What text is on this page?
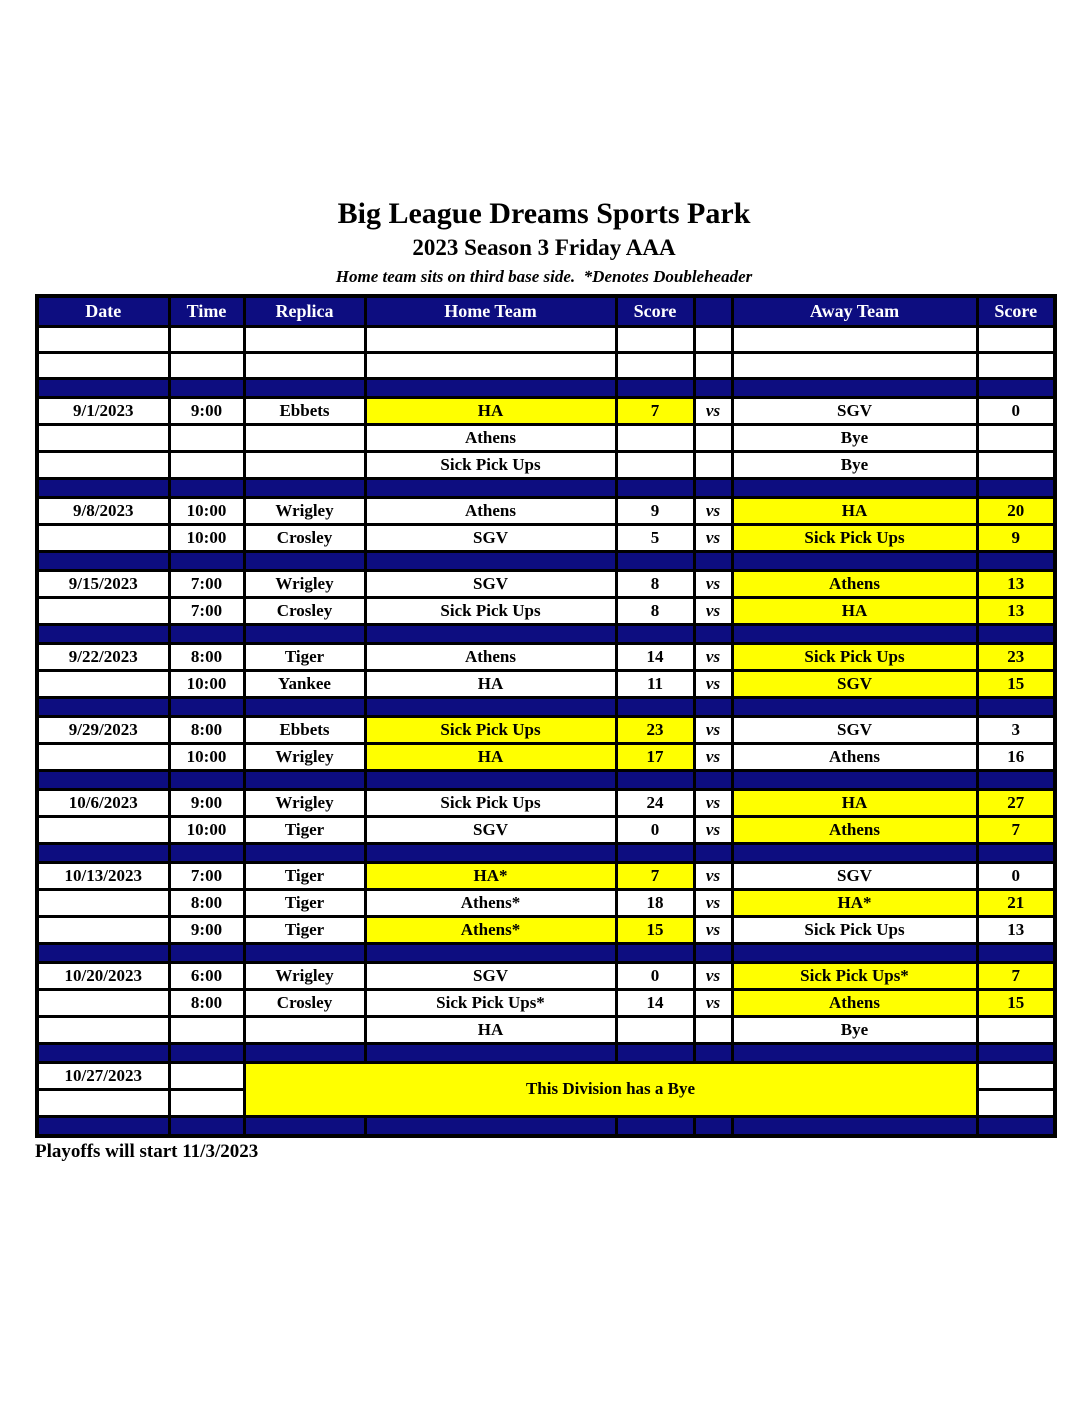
Big League Dreams Sports Park
2023 Season 3 Friday AAA
Home team sits on third base side.  *Denotes Doubleheader
Date	Time	Replica	Home Team	Score		Away Team	Score

9/1/2023	9:00	Ebbets	HA	7	vs	SGV	0
			Athens			Bye	
			Sick Pick Ups			Bye	

9/8/2023	10:00	Wrigley	Athens	9	vs	HA	20
	10:00	Crosley	SGV	5	vs	Sick Pick Ups	9

9/15/2023	7:00	Wrigley	SGV	8	vs	Athens	13
	7:00	Crosley	Sick Pick Ups	8	vs	HA	13

9/22/2023	8:00	Tiger	Athens	14	vs	Sick Pick Ups	23
	10:00	Yankee	HA	11	vs	SGV	15

9/29/2023	8:00	Ebbets	Sick Pick Ups	23	vs	SGV	3
	10:00	Wrigley	HA	17	vs	Athens	16

10/6/2023	9:00	Wrigley	Sick Pick Ups	24	vs	HA	27
	10:00	Tiger	SGV	0	vs	Athens	7

10/13/2023	7:00	Tiger	HA*	7	vs	SGV	0
	8:00	Tiger	Athens*	18	vs	HA*	21
	9:00	Tiger	Athens*	15	vs	Sick Pick Ups	13

10/20/2023	6:00	Wrigley	SGV	0	vs	Sick Pick Ups*	7
	8:00	Crosley	Sick Pick Ups*	14	vs	Athens	15
			HA			Bye	

10/27/2023		This Division has a Bye					

Playoffs will start 11/3/2023
